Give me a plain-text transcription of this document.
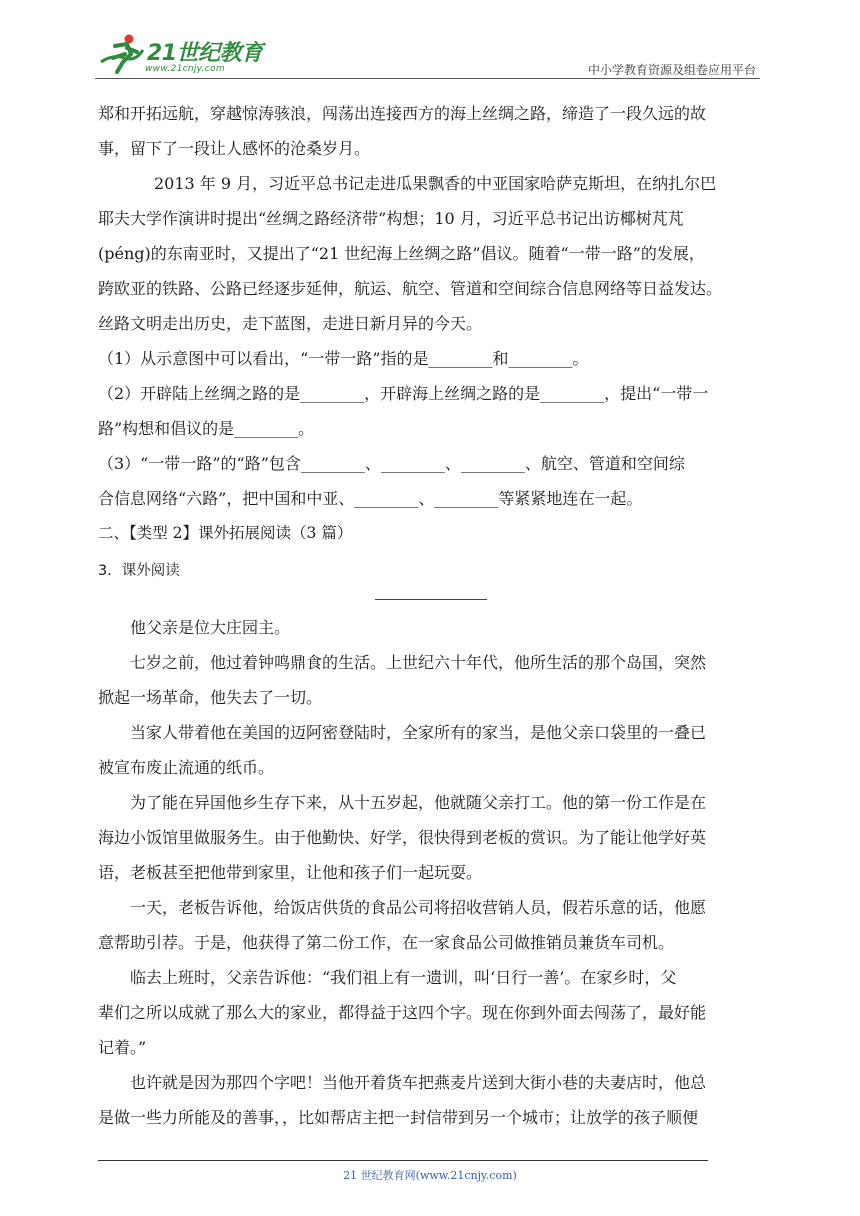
21世纪教育
www.21cnjy.com	中小学教育资源及组卷应用平台

郑和开拓远航，穿越惊涛骇浪，闯荡出连接西方的海上丝绸之路，缔造了一段久远的故

事，留下了一段让人感怀的沧桑岁月。

2013 年 9 月，习近平总书记走进瓜果飘香的中亚国家哈萨克斯坦，在纳扎尔巴

耶夫大学作演讲时提出“丝绸之路经济带”构想；10 月，习近平总书记出访椰树芃芃

(péng)的东南亚时，又提出了“21 世纪海上丝绸之路”倡议。随着“一带一路”的发展，

跨欧亚的铁路、公路已经逐步延伸，航运、航空、管道和空间综合信息网络等日益发达。

丝路文明走出历史，走下蓝图，走进日新月异的今天。

（1）从示意图中可以看出，“一带一路”指的是________和________。

（2）开辟陆上丝绸之路的是________，开辟海上丝绸之路的是________，提出“一带一

路”构想和倡议的是________。

（3）“一带一路”的“路”包含________、________、________、航空、管道和空间综

合信息网络“六路”，把中国和中亚、________、________等紧紧地连在一起。

二、【类型 2】课外拓展阅读（3 篇）

3．课外阅读

他父亲是位大庄园主。

七岁之前，他过着钟鸣鼎食的生活。上世纪六十年代，他所生活的那个岛国，突然

掀起一场革命，他失去了一切。

当家人带着他在美国的迈阿密登陆时，全家所有的家当，是他父亲口袋里的一叠已

被宣布废止流通的纸币。

为了能在异国他乡生存下来，从十五岁起，他就随父亲打工。他的第一份工作是在

海边小饭馆里做服务生。由于他勤快、好学，很快得到老板的赏识。为了能让他学好英

语，老板甚至把他带到家里，让他和孩子们一起玩耍。

一天，老板告诉他，给饭店供货的食品公司将招收营销人员，假若乐意的话，他愿

意帮助引荐。于是，他获得了第二份工作，在一家食品公司做推销员兼货车司机。

临去上班时，父亲告诉他：“我们祖上有一遗训，叫‘日行一善’。在家乡时，父

辈们之所以成就了那么大的家业，都得益于这四个字。现在你到外面去闯荡了，最好能

记着。”

也许就是因为那四个字吧！当他开着货车把燕麦片送到大街小巷的夫妻店时，他总

是做一些力所能及的善事，，比如帮店主把一封信带到另一个城市；让放学的孩子顺便

21 世纪教育网(www.21cnjy.com)
